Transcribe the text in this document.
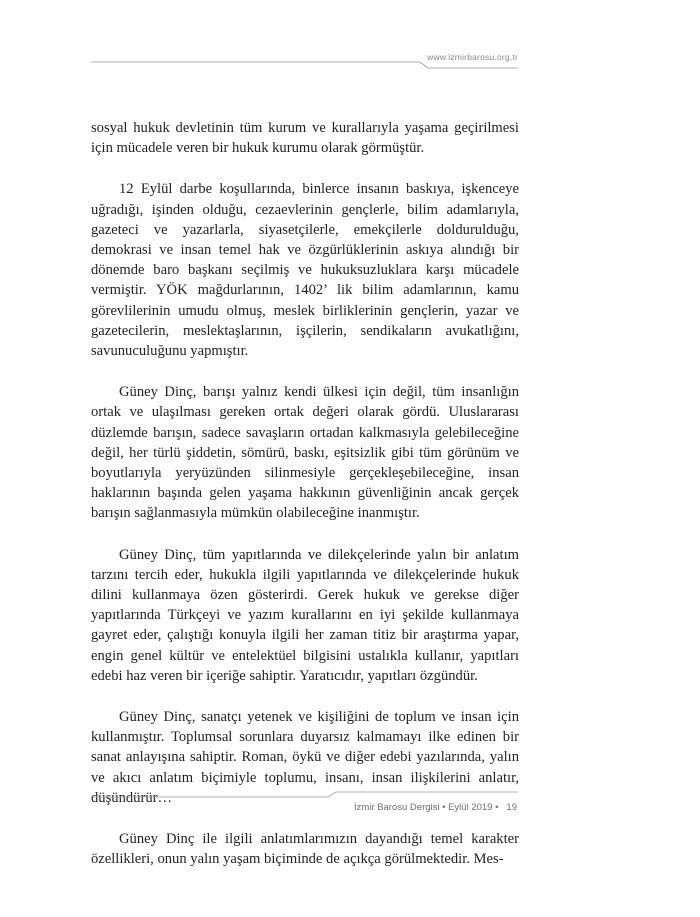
www.izmirbarosu.org.tr

sosyal hukuk devletinin tüm kurum ve kurallarıyla yaşama geçirilmesi için mücadele veren bir hukuk kurumu olarak görmüştür.

12 Eylül darbe koşullarında, binlerce insanın baskıya, işkenceye uğradığı, işinden olduğu, cezaevlerinin gençlerle, bilim adamlarıyla, gazeteci ve yazarlarla, siyasetçilerle, emekçilerle doldurulduğu, demokrasi ve insan temel hak ve özgürlüklerinin askıya alındığı bir dönemde baro başkanı seçilmiş ve hukuksuzluklara karşı mücadele vermiştir. YÖK mağdurlarının, 1402’ lik bilim adamlarının, kamu görevlilerinin umudu olmuş, meslek birliklerinin gençlerin, yazar ve gazetecilerin, meslektaşlarının, işçilerin, sendikaların avukatlığını, savunuculuğunu yapmıştır.

Güney Dinç, barışı yalnız kendi ülkesi için değil, tüm insanlığın ortak ve ulaşılması gereken ortak değeri olarak gördü. Uluslararası düzlemde barışın, sadece savaşların ortadan kalkmasıyla gelebileceğine değil, her türlü şiddetin, sömürü, baskı, eşitsizlik gibi tüm görünüm ve boyutlarıyla yeryüzünden silinmesiyle gerçekleşebileceğine, insan haklarının başında gelen yaşama hakkının güvenliğinin ancak gerçek barışın sağlanmasıyla mümkün olabileceğine inanmıştır.

Güney Dinç, tüm yapıtlarında ve dilekçelerinde yalın bir anlatım tarzını tercih eder, hukukla ilgili yapıtlarında ve dilekçelerinde hukuk dilini kullanmaya özen gösterirdi. Gerek hukuk ve gerekse diğer yapıtlarında Türkçeyi ve yazım kurallarını en iyi şekilde kullanmaya gayret eder, çalıştığı konuyla ilgili her zaman titiz bir araştırma yapar, engin genel kültür ve entelektüel bilgisini ustalıkla kullanır, yapıtları edebi haz veren bir içeriğe sahiptir. Yaratıcıdır, yapıtları özgündür.

Güney Dinç, sanatçı yetenek ve kişiliğini de toplum ve insan için kullanmıştır. Toplumsal sorunlara duyarsız kalmamayı ilke edinen bir sanat anlayışına sahiptir. Roman, öykü ve diğer edebi yazılarında, yalın ve akıcı anlatım biçimiyle toplumu, insanı, insan ilişkilerini anlatır, düşündürür…

Güney Dinç ile ilgili anlatımlarımızın dayandığı temel karakter özellikleri, onun yalın yaşam biçiminde de açıkça görülmektedir. Mes-

İzmir Barosu Dergisi • Eylül 2019 • 19
